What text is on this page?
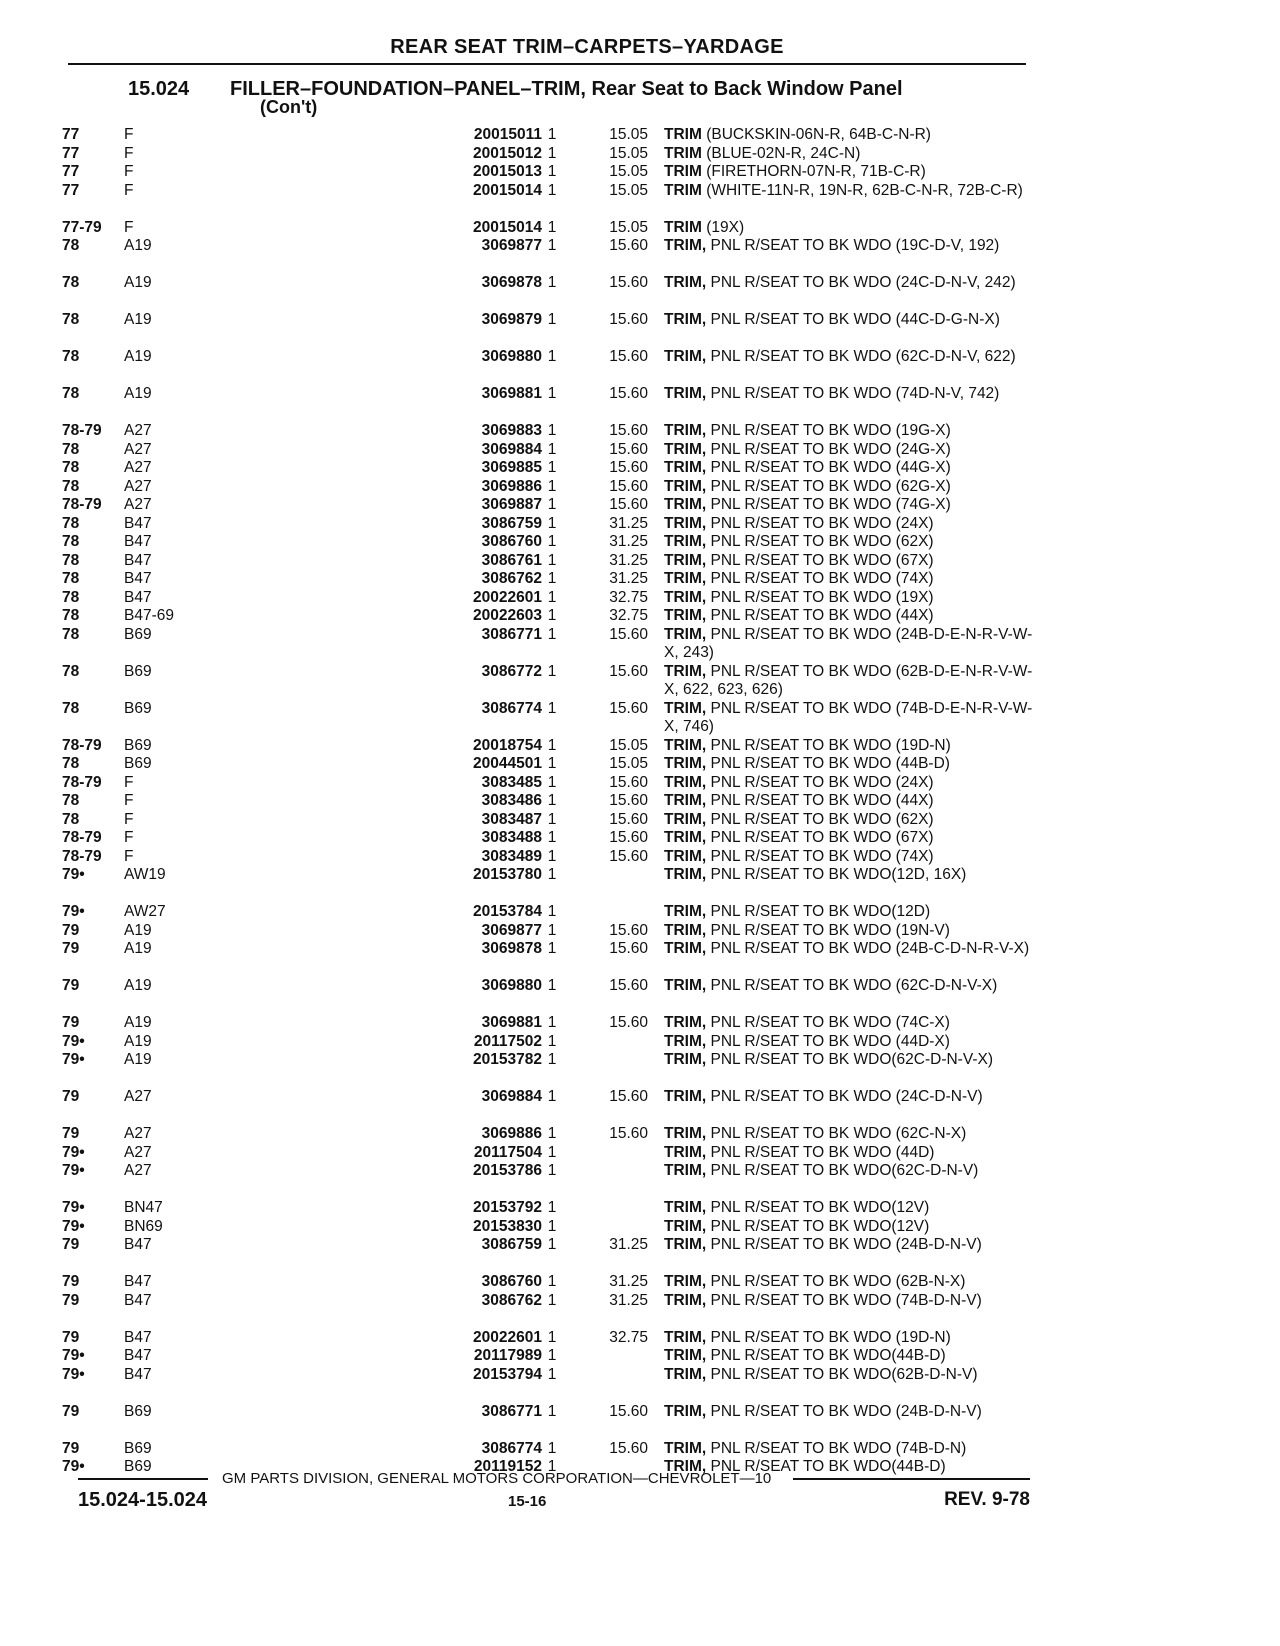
REAR SEAT TRIM–CARPETS–YARDAGE
15.024 FILLER–FOUNDATION–PANEL–TRIM, Rear Seat to Back Window Panel
(Con't)
77	F	20015011 1	15.05 TRIM (BUCKSKIN-06N-R, 64B-C-N-R)
77	F	20015012 1	15.05 TRIM (BLUE-02N-R, 24C-N)
77	F	20015013 1	15.05 TRIM (FIRETHORN-07N-R, 71B-C-R)
77	F	20015014 1	15.05 TRIM (WHITE-11N-R, 19N-R, 62B-C-N-R, 72B-C-R)
77-79	F	20015014 1	15.05 TRIM (19X)
78	A19	3069877 1	15.60 TRIM, PNL R/SEAT TO BK WDO (19C-D-V, 192)
78	A19	3069878 1	15.60 TRIM, PNL R/SEAT TO BK WDO (24C-D-N-V, 242)
78	A19	3069879 1	15.60 TRIM, PNL R/SEAT TO BK WDO (44C-D-G-N-X)
78	A19	3069880 1	15.60 TRIM, PNL R/SEAT TO BK WDO (62C-D-N-V, 622)
78	A19	3069881 1	15.60 TRIM, PNL R/SEAT TO BK WDO (74D-N-V, 742)
78-79	A27	3069883 1	15.60 TRIM, PNL R/SEAT TO BK WDO (19G-X)
78	A27	3069884 1	15.60 TRIM, PNL R/SEAT TO BK WDO (24G-X)
78	A27	3069885 1	15.60 TRIM, PNL R/SEAT TO BK WDO (44G-X)
78	A27	3069886 1	15.60 TRIM, PNL R/SEAT TO BK WDO (62G-X)
78-79	A27	3069887 1	15.60 TRIM, PNL R/SEAT TO BK WDO (74G-X)
78	B47	3086759 1	31.25 TRIM, PNL R/SEAT TO BK WDO (24X)
78	B47	3086760 1	31.25 TRIM, PNL R/SEAT TO BK WDO (62X)
78	B47	3086761 1	31.25 TRIM, PNL R/SEAT TO BK WDO (67X)
78	B47	3086762 1	31.25 TRIM, PNL R/SEAT TO BK WDO (74X)
78	B47	20022601 1	32.75 TRIM, PNL R/SEAT TO BK WDO (19X)
78	B47-69	20022603 1	32.75 TRIM, PNL R/SEAT TO BK WDO (44X)
78	B69	3086771 1	15.60 TRIM, PNL R/SEAT TO BK WDO (24B-D-E-N-R-V-W-X, 243)
78	B69	3086772 1	15.60 TRIM, PNL R/SEAT TO BK WDO (62B-D-E-N-R-V-W-X, 622, 623, 626)
78	B69	3086774 1	15.60 TRIM, PNL R/SEAT TO BK WDO (74B-D-E-N-R-V-W-X, 746)
78-79	B69	20018754 1	15.05 TRIM, PNL R/SEAT TO BK WDO (19D-N)
78	B69	20044501 1	15.05 TRIM, PNL R/SEAT TO BK WDO (44B-D)
78-79	F	3083485 1	15.60 TRIM, PNL R/SEAT TO BK WDO (24X)
78	F	3083486 1	15.60 TRIM, PNL R/SEAT TO BK WDO (44X)
78	F	3083487 1	15.60 TRIM, PNL R/SEAT TO BK WDO (62X)
78-79	F	3083488 1	15.60 TRIM, PNL R/SEAT TO BK WDO (67X)
78-79	F	3083489 1	15.60 TRIM, PNL R/SEAT TO BK WDO (74X)
79•	AW19	20153780 1	TRIM, PNL R/SEAT TO BK WDO(12D, 16X)
79•	AW27	20153784 1	TRIM, PNL R/SEAT TO BK WDO(12D)
79	A19	3069877 1	15.60 TRIM, PNL R/SEAT TO BK WDO (19N-V)
79	A19	3069878 1	15.60 TRIM, PNL R/SEAT TO BK WDO (24B-C-D-N-R-V-X)
79	A19	3069880 1	15.60 TRIM, PNL R/SEAT TO BK WDO (62C-D-N-V-X)
79	A19	3069881 1	15.60 TRIM, PNL R/SEAT TO BK WDO (74C-X)
79•	A19	20117502 1	TRIM, PNL R/SEAT TO BK WDO (44D-X)
79•	A19	20153782 1	TRIM, PNL R/SEAT TO BK WDO(62C-D-N-V-X)
79	A27	3069884 1	15.60 TRIM, PNL R/SEAT TO BK WDO (24C-D-N-V)
79	A27	3069886 1	15.60 TRIM, PNL R/SEAT TO BK WDO (62C-N-X)
79•	A27	20117504 1	TRIM, PNL R/SEAT TO BK WDO (44D)
79•	A27	20153786 1	TRIM, PNL R/SEAT TO BK WDO(62C-D-N-V)
79•	BN47	20153792 1	TRIM, PNL R/SEAT TO BK WDO(12V)
79•	BN69	20153830 1	TRIM, PNL R/SEAT TO BK WDO(12V)
79	B47	3086759 1	31.25 TRIM, PNL R/SEAT TO BK WDO (24B-D-N-V)
79	B47	3086760 1	31.25 TRIM, PNL R/SEAT TO BK WDO (62B-N-X)
79	B47	3086762 1	31.25 TRIM, PNL R/SEAT TO BK WDO (74B-D-N-V)
79	B47	20022601 1	32.75 TRIM, PNL R/SEAT TO BK WDO (19D-N)
79•	B47	20117989 1	TRIM, PNL R/SEAT TO BK WDO(44B-D)
79•	B47	20153794 1	TRIM, PNL R/SEAT TO BK WDO(62B-D-N-V)
79	B69	3086771 1	15.60 TRIM, PNL R/SEAT TO BK WDO (24B-D-N-V)
79	B69	3086774 1	15.60 TRIM, PNL R/SEAT TO BK WDO (74B-D-N)
79•	B69	20119152 1	TRIM, PNL R/SEAT TO BK WDO(44B-D)
GM PARTS DIVISION, GENERAL MOTORS CORPORATION—CHEVROLET—10
15.024-15.024	15-16	REV. 9-78
